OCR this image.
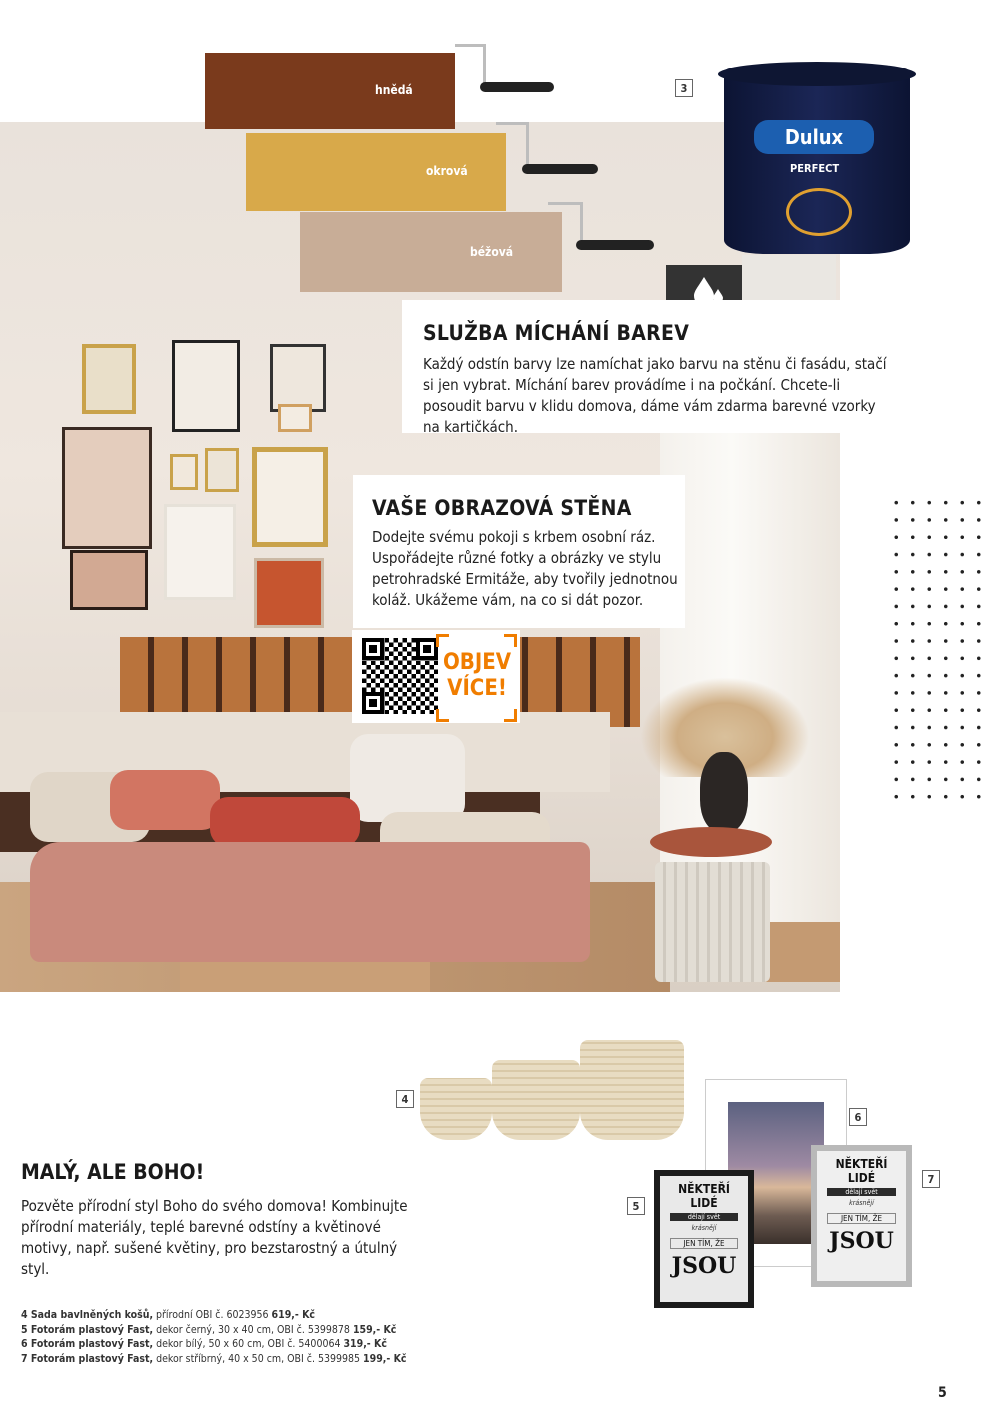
hnědá
okrová
béžová
3
Dulux
PERFECT
SLUŽBA MÍCHÁNÍ BAREV

Každý odstín barvy lze namíchat jako barvu na stěnu či fasádu, stačí si jen vybrat. Míchání barev provádíme i na počkání. Chcete-li posoudit barvu v klidu domova, dáme vám zdarma barevné vzorky na kartičkách.

VAŠE OBRAZOVÁ STĚNA

Dodejte svému pokoji s krbem osobní ráz. Uspořádejte různé fotky a obrázky ve stylu petrohradské Ermitáže, aby tvořily jednotnou koláž. Ukážeme vám, na co si dát pozor.

OBJEV
VÍCE!
4
6
5
NĚKTEŘÍ LIDÉ
dělají svět
krásnějí
JEN TÍM, ŽE
JSOU
7
NĚKTEŘÍ LIDÉ
dělají svět
krásnějí
JEN TÍM, ŽE
JSOU
MALÝ, ALE BOHO!
Pozvěte přírodní styl Boho do svého domova! Kombinujte přírodní materiály, teplé barevné odstíny a květinové motivy, např. sušené květiny, pro bezstarostný a útulný styl.
4 Sada bavlněných košů, přírodní OBI č. 6023956 619,- Kč
5 Fotorám plastový Fast, dekor černý, 30 x 40 cm, OBI č. 5399878 159,- Kč
6 Fotorám plastový Fast, dekor bílý, 50 x 60 cm, OBI č. 5400064 319,- Kč
7 Fotorám plastový Fast, dekor stříbrný, 40 x 50 cm, OBI č. 5399985 199,- Kč
5
